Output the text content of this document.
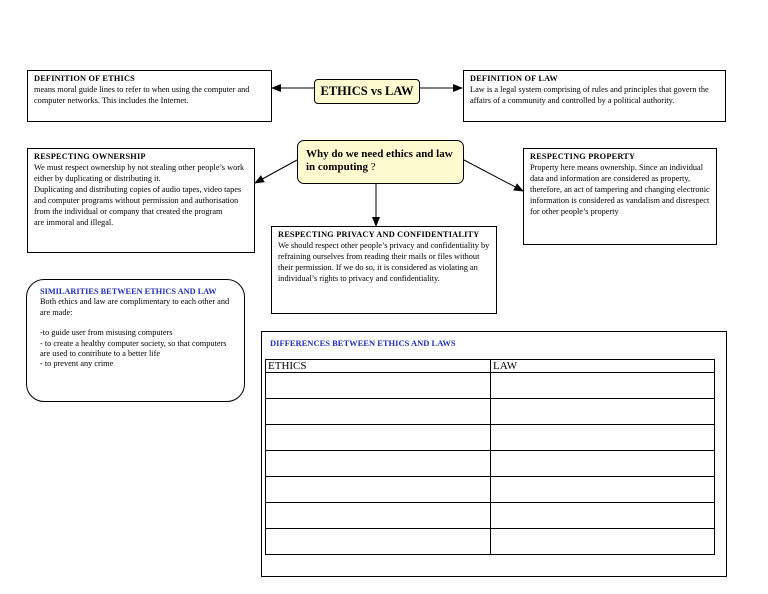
ETHICS vs LAW
Why do we need ethics and law in computing ?
DEFINITION OF ETHICS
means moral guide lines to refer to when using the computer and computer networks. This includes the Internet.
DEFINITION OF LAW
Law is a legal system comprising of rules and principles that govern the affairs of a community and controlled by a political authority.
RESPECTING OWNERSHIP
We must respect ownership by not stealing other people’s work either by duplicating or distributing it.
Duplicating and distributing copies of audio tapes, video tapes and computer programs without permission and authorisation from the individual or company that created the program
are immoral and illegal.
RESPECTING PROPERTY
Property here means ownership. Since an individual data and information are considered as property, therefore, an act of tampering and changing electronic information is considered as vandalism and disrespect for other people’s property
RESPECTING PRIVACY AND CONFIDENTIALITY
We should respect other people’s privacy and confidentiality by refraining ourselves from reading their mails or files without their permission. If we do so, it is considered as violating an individual’s rights to privacy and confidentiality.
SIMILARITIES BETWEEN ETHICS AND LAW
Both ethics and law are complimentary to each other and are made:
-to guide user from misusing computers
- to create a healthy computer society, so that computers are used to contribute to a better life
- to prevent any crime
DIFFERENCES BETWEEN ETHICS AND LAWS
ETHICS	LAW
